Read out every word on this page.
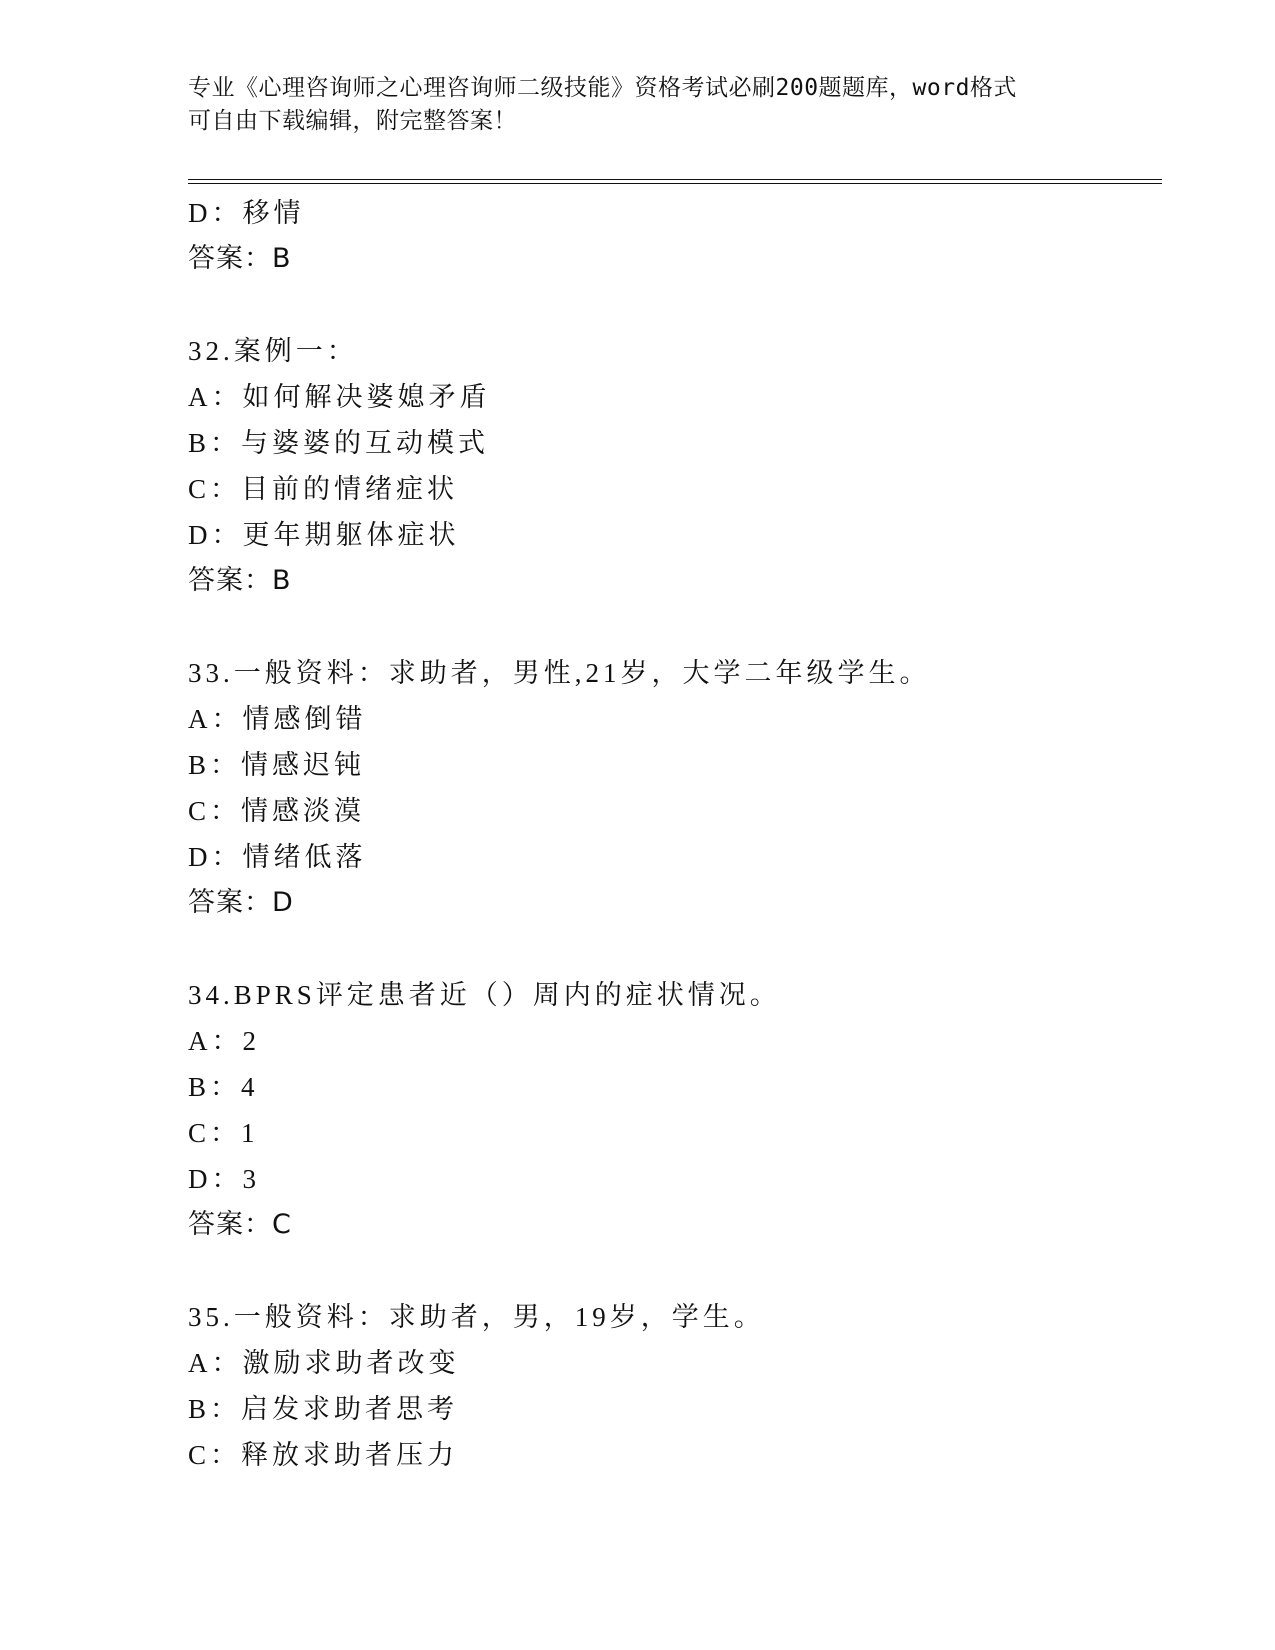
专业《心理咨询师之心理咨询师二级技能》资格考试必刷200题题库，word格式
可自由下载编辑，附完整答案！
D：移情
答案：B
32.案例一：
A：如何解决婆媳矛盾
B：与婆婆的互动模式
C：目前的情绪症状
D：更年期躯体症状
答案：B
33.一般资料：求助者，男性,21岁，大学二年级学生。
A：情感倒错
B：情感迟钝
C：情感淡漠
D：情绪低落
答案：D
34.BPRS评定患者近（）周内的症状情况。
A：2
B：4
C：1
D：3
答案：C
35.一般资料：求助者，男，19岁，学生。
A：激励求助者改变
B：启发求助者思考
C：释放求助者压力
